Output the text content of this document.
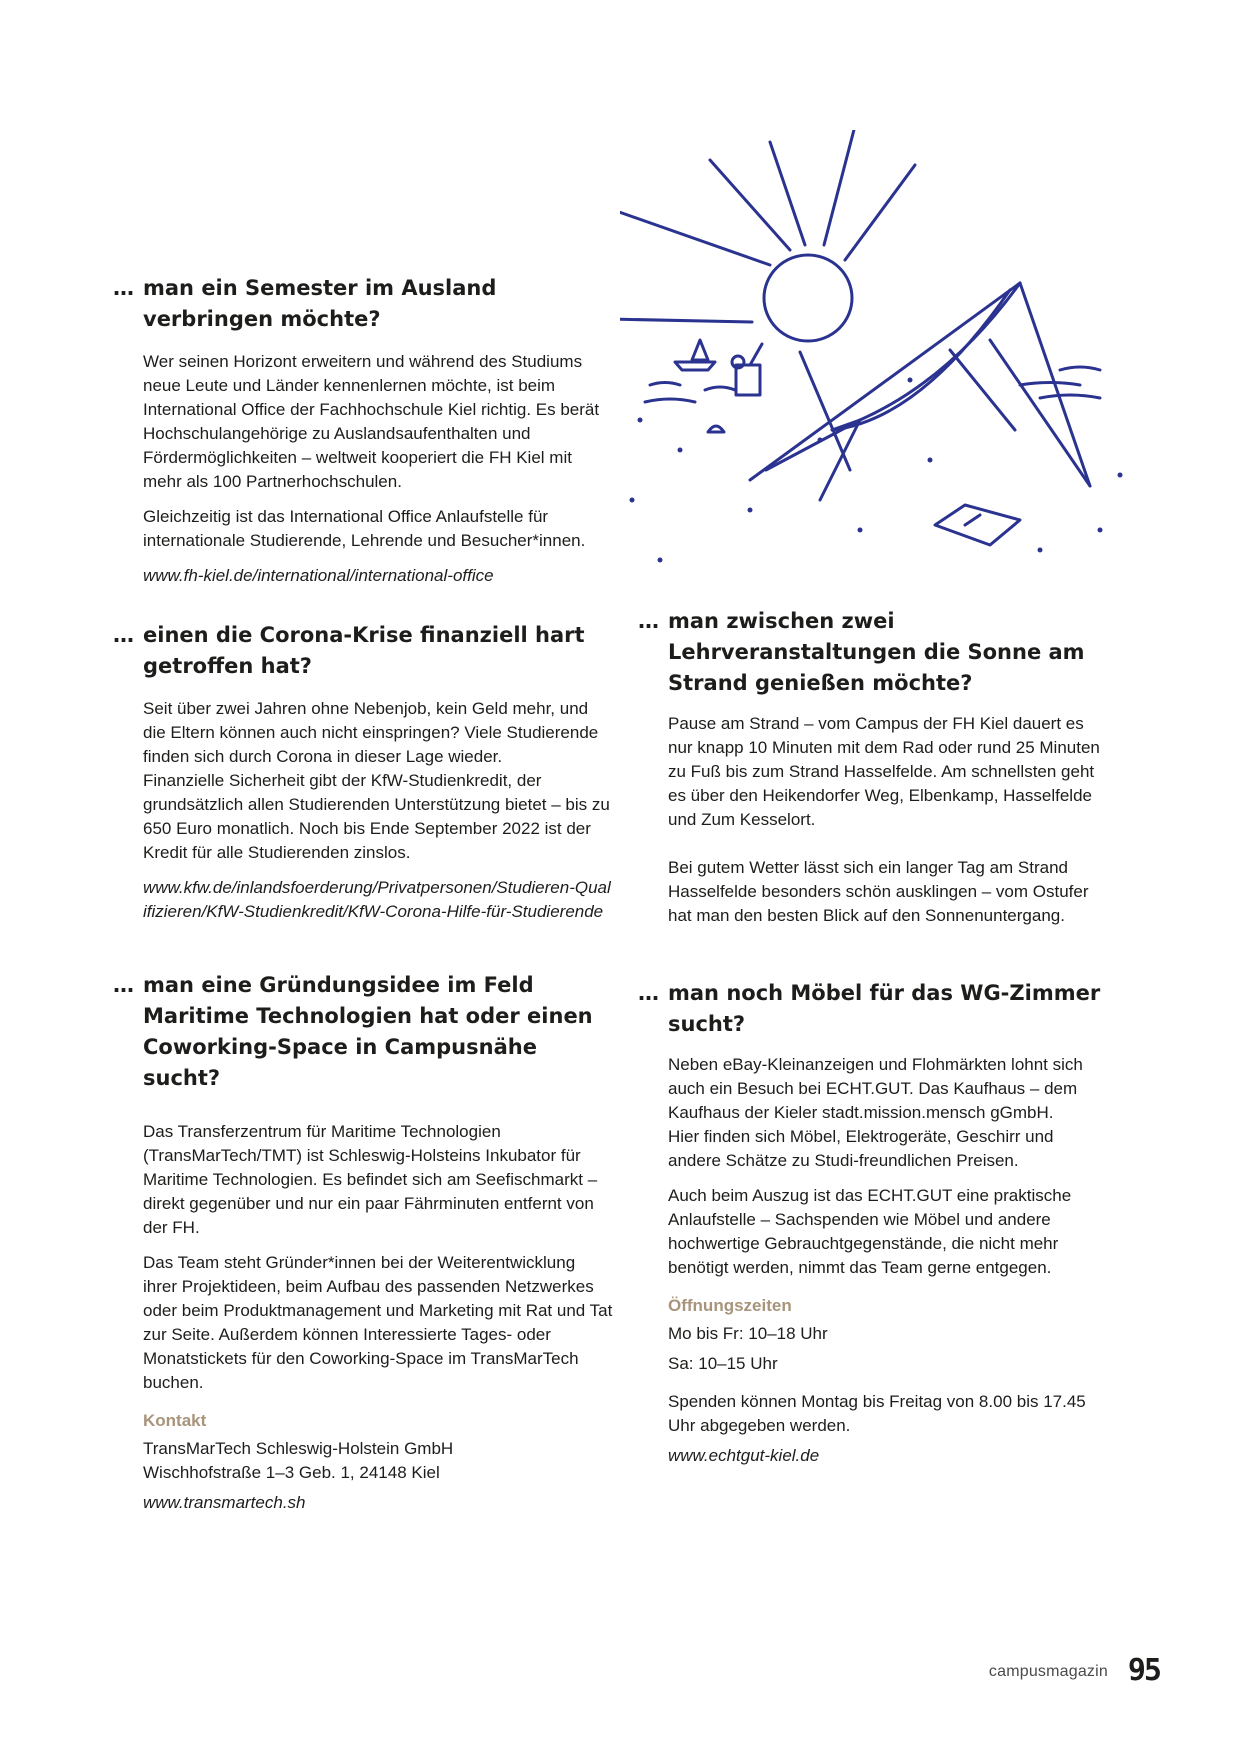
… man ein Semester im Ausland verbringen möchte?

Wer seinen Horizont erweitern und während des Studiums neue Leute und Länder kennenlernen möchte, ist beim International Office der Fachhochschule Kiel richtig. Es berät Hochschulangehörige zu Auslandsaufenthalten und Fördermöglichkeiten – weltweit kooperiert die FH Kiel mit mehr als 100 Partnerhochschulen.

Gleichzeitig ist das International Office Anlaufstelle für internationale Studierende, Lehrende und Besucher*innen.

www.fh-kiel.de/international/international-office

… einen die Corona-Krise finanziell hart getroffen hat?

Seit über zwei Jahren ohne Nebenjob, kein Geld mehr, und die Eltern können auch nicht einspringen? Viele Studierende finden sich durch Corona in dieser Lage wieder.

Finanzielle Sicherheit gibt der KfW-Studienkredit, der grundsätzlich allen Studierenden Unterstützung bietet – bis zu 650 Euro monatlich. Noch bis Ende September 2022 ist der Kredit für alle Studierenden zinslos.

www.kfw.de/inlandsfoerderung/Privatpersonen/Studieren-Qualifizieren/KfW-Studienkredit/KfW-Corona-Hilfe-für-Studierende

… man eine Gründungsidee im Feld Maritime Technologien hat oder einen Coworking-Space in Campusnähe sucht?

Das Transferzentrum für Maritime Technologien (TransMarTech/TMT) ist Schleswig-Holsteins Inkubator für Maritime Technologien. Es befindet sich am Seefischmarkt – direkt gegenüber und nur ein paar Fährminuten entfernt von der FH.

Das Team steht Gründer*innen bei der Weiterentwicklung ihrer Projektideen, beim Aufbau des passenden Netzwerkes oder beim Produktmanagement und Marketing mit Rat und Tat zur Seite. Außerdem können Interessierte Tages- oder Monatstickets für den Coworking-Space im TransMarTech buchen.

Kontakt

TransMarTech Schleswig-Holstein GmbH

Wischhofstraße 1–3 Geb. 1, 24148 Kiel

www.transmartech.sh

… man zwischen zwei Lehrveranstaltungen die Sonne am Strand genießen möchte?

Pause am Strand – vom Campus der FH Kiel dauert es nur knapp 10 Minuten mit dem Rad oder rund 25 Minuten zu Fuß bis zum Strand Hasselfelde. Am schnellsten geht es über den Heikendorfer Weg, Elbenkamp, Hasselfelde und Zum Kesselort.

Bei gutem Wetter lässt sich ein langer Tag am Strand Hasselfelde besonders schön ausklingen – vom Ostufer hat man den besten Blick auf den Sonnenuntergang.

… man noch Möbel für das WG-Zimmer sucht?

Neben eBay-Kleinanzeigen und Flohmärkten lohnt sich auch ein Besuch bei ECHT.GUT. Das Kaufhaus – dem Kaufhaus der Kieler stadt.mission.mensch gGmbH.

Hier finden sich Möbel, Elektrogeräte, Geschirr und andere Schätze zu Studi-freundlichen Preisen.

Auch beim Auszug ist das ECHT.GUT eine praktische Anlaufstelle – Sachspenden wie Möbel und andere hochwertige Gebrauchtgegenstände, die nicht mehr benötigt werden, nimmt das Team gerne entgegen.

Öffnungszeiten

Mo bis Fr: 10–18 Uhr

Sa: 10–15 Uhr

Spenden können Montag bis Freitag von 8.00 bis 17.45 Uhr abgegeben werden.

www.echtgut-kiel.de

campusmagazin 95
